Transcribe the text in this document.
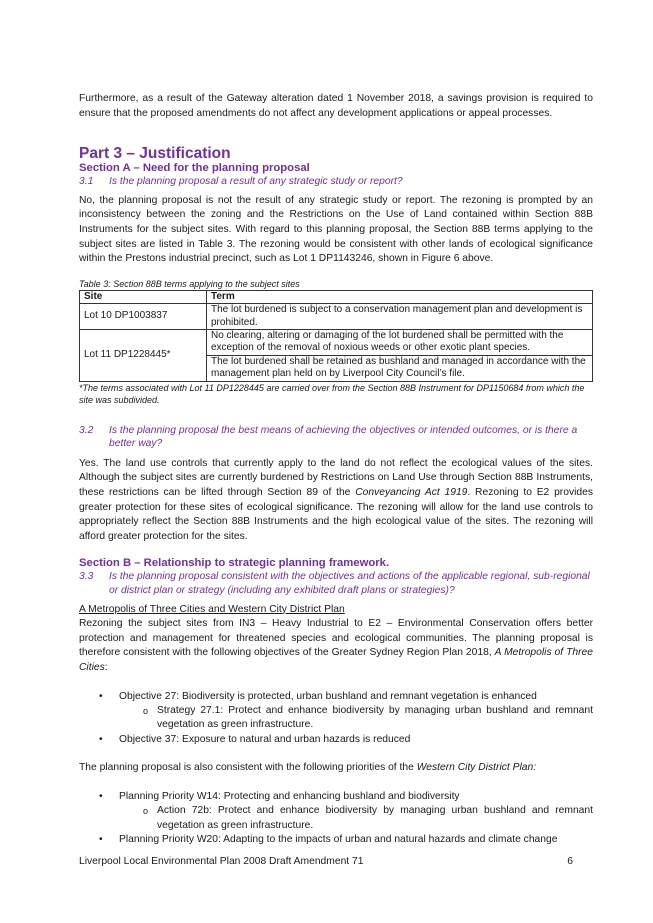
Furthermore, as a result of the Gateway alteration dated 1 November 2018, a savings provision is required to ensure that the proposed amendments do not affect any development applications or appeal processes.

Part 3 – Justification
Section A – Need for the planning proposal
3.1	Is the planning proposal a result of any strategic study or report?

No, the planning proposal is not the result of any strategic study or report. The rezoning is prompted by an inconsistency between the zoning and the Restrictions on the Use of Land contained within Section 88B Instruments for the subject sites. With regard to this planning proposal, the Section 88B terms applying to the subject sites are listed in Table 3. The rezoning would be consistent with other lands of ecological significance within the Prestons industrial precinct, such as Lot 1 DP1143246, shown in Figure 6 above.

Table 3: Section 88B terms applying to the subject sites
Site	Term
Lot 10 DP1003837	The lot burdened is subject to a conservation management plan and development is prohibited.
Lot 11 DP1228445*	No clearing, altering or damaging of the lot burdened shall be permitted with the exception of the removal of noxious weeds or other exotic plant species.
	The lot burdened shall be retained as bushland and managed in accordance with the management plan held on by Liverpool City Council’s file.
*The terms associated with Lot 11 DP1228445 are carried over from the Section 88B Instrument for DP1150684 from which the site was subdivided.
3.2	Is the planning proposal the best means of achieving the objectives or intended outcomes, or is there a better way?

Yes. The land use controls that currently apply to the land do not reflect the ecological values of the sites. Although the subject sites are currently burdened by Restrictions on Land Use through Section 88B Instruments, these restrictions can be lifted through Section 89 of the Conveyancing Act 1919. Rezoning to E2 provides greater protection for these sites of ecological significance. The rezoning will allow for the land use controls to appropriately reflect the Section 88B Instruments and the high ecological value of the sites. The rezoning will afford greater protection for the sites.

Section B – Relationship to strategic planning framework.
3.3	Is the planning proposal consistent with the objectives and actions of the applicable regional, sub-regional or district plan or strategy (including any exhibited draft plans or strategies)?

A Metropolis of Three Cities and Western City District Plan

Rezoning the subject sites from IN3 – Heavy Industrial to E2 – Environmental Conservation offers better protection and management for threatened species and ecological communities. The planning proposal is therefore consistent with the following objectives of the Greater Sydney Region Plan 2018, A Metropolis of Three Cities:

• Objective 27: Biodiversity is protected, urban bushland and remnant vegetation is enhanced
o Strategy 27.1: Protect and enhance biodiversity by managing urban bushland and remnant vegetation as green infrastructure.
• Objective 37: Exposure to natural and urban hazards is reduced

The planning proposal is also consistent with the following priorities of the Western City District Plan:

• Planning Priority W14: Protecting and enhancing bushland and biodiversity
o Action 72b: Protect and enhance biodiversity by managing urban bushland and remnant vegetation as green infrastructure.
• Planning Priority W20: Adapting to the impacts of urban and natural hazards and climate change
Liverpool Local Environmental Plan 2008 Draft Amendment 71	6
